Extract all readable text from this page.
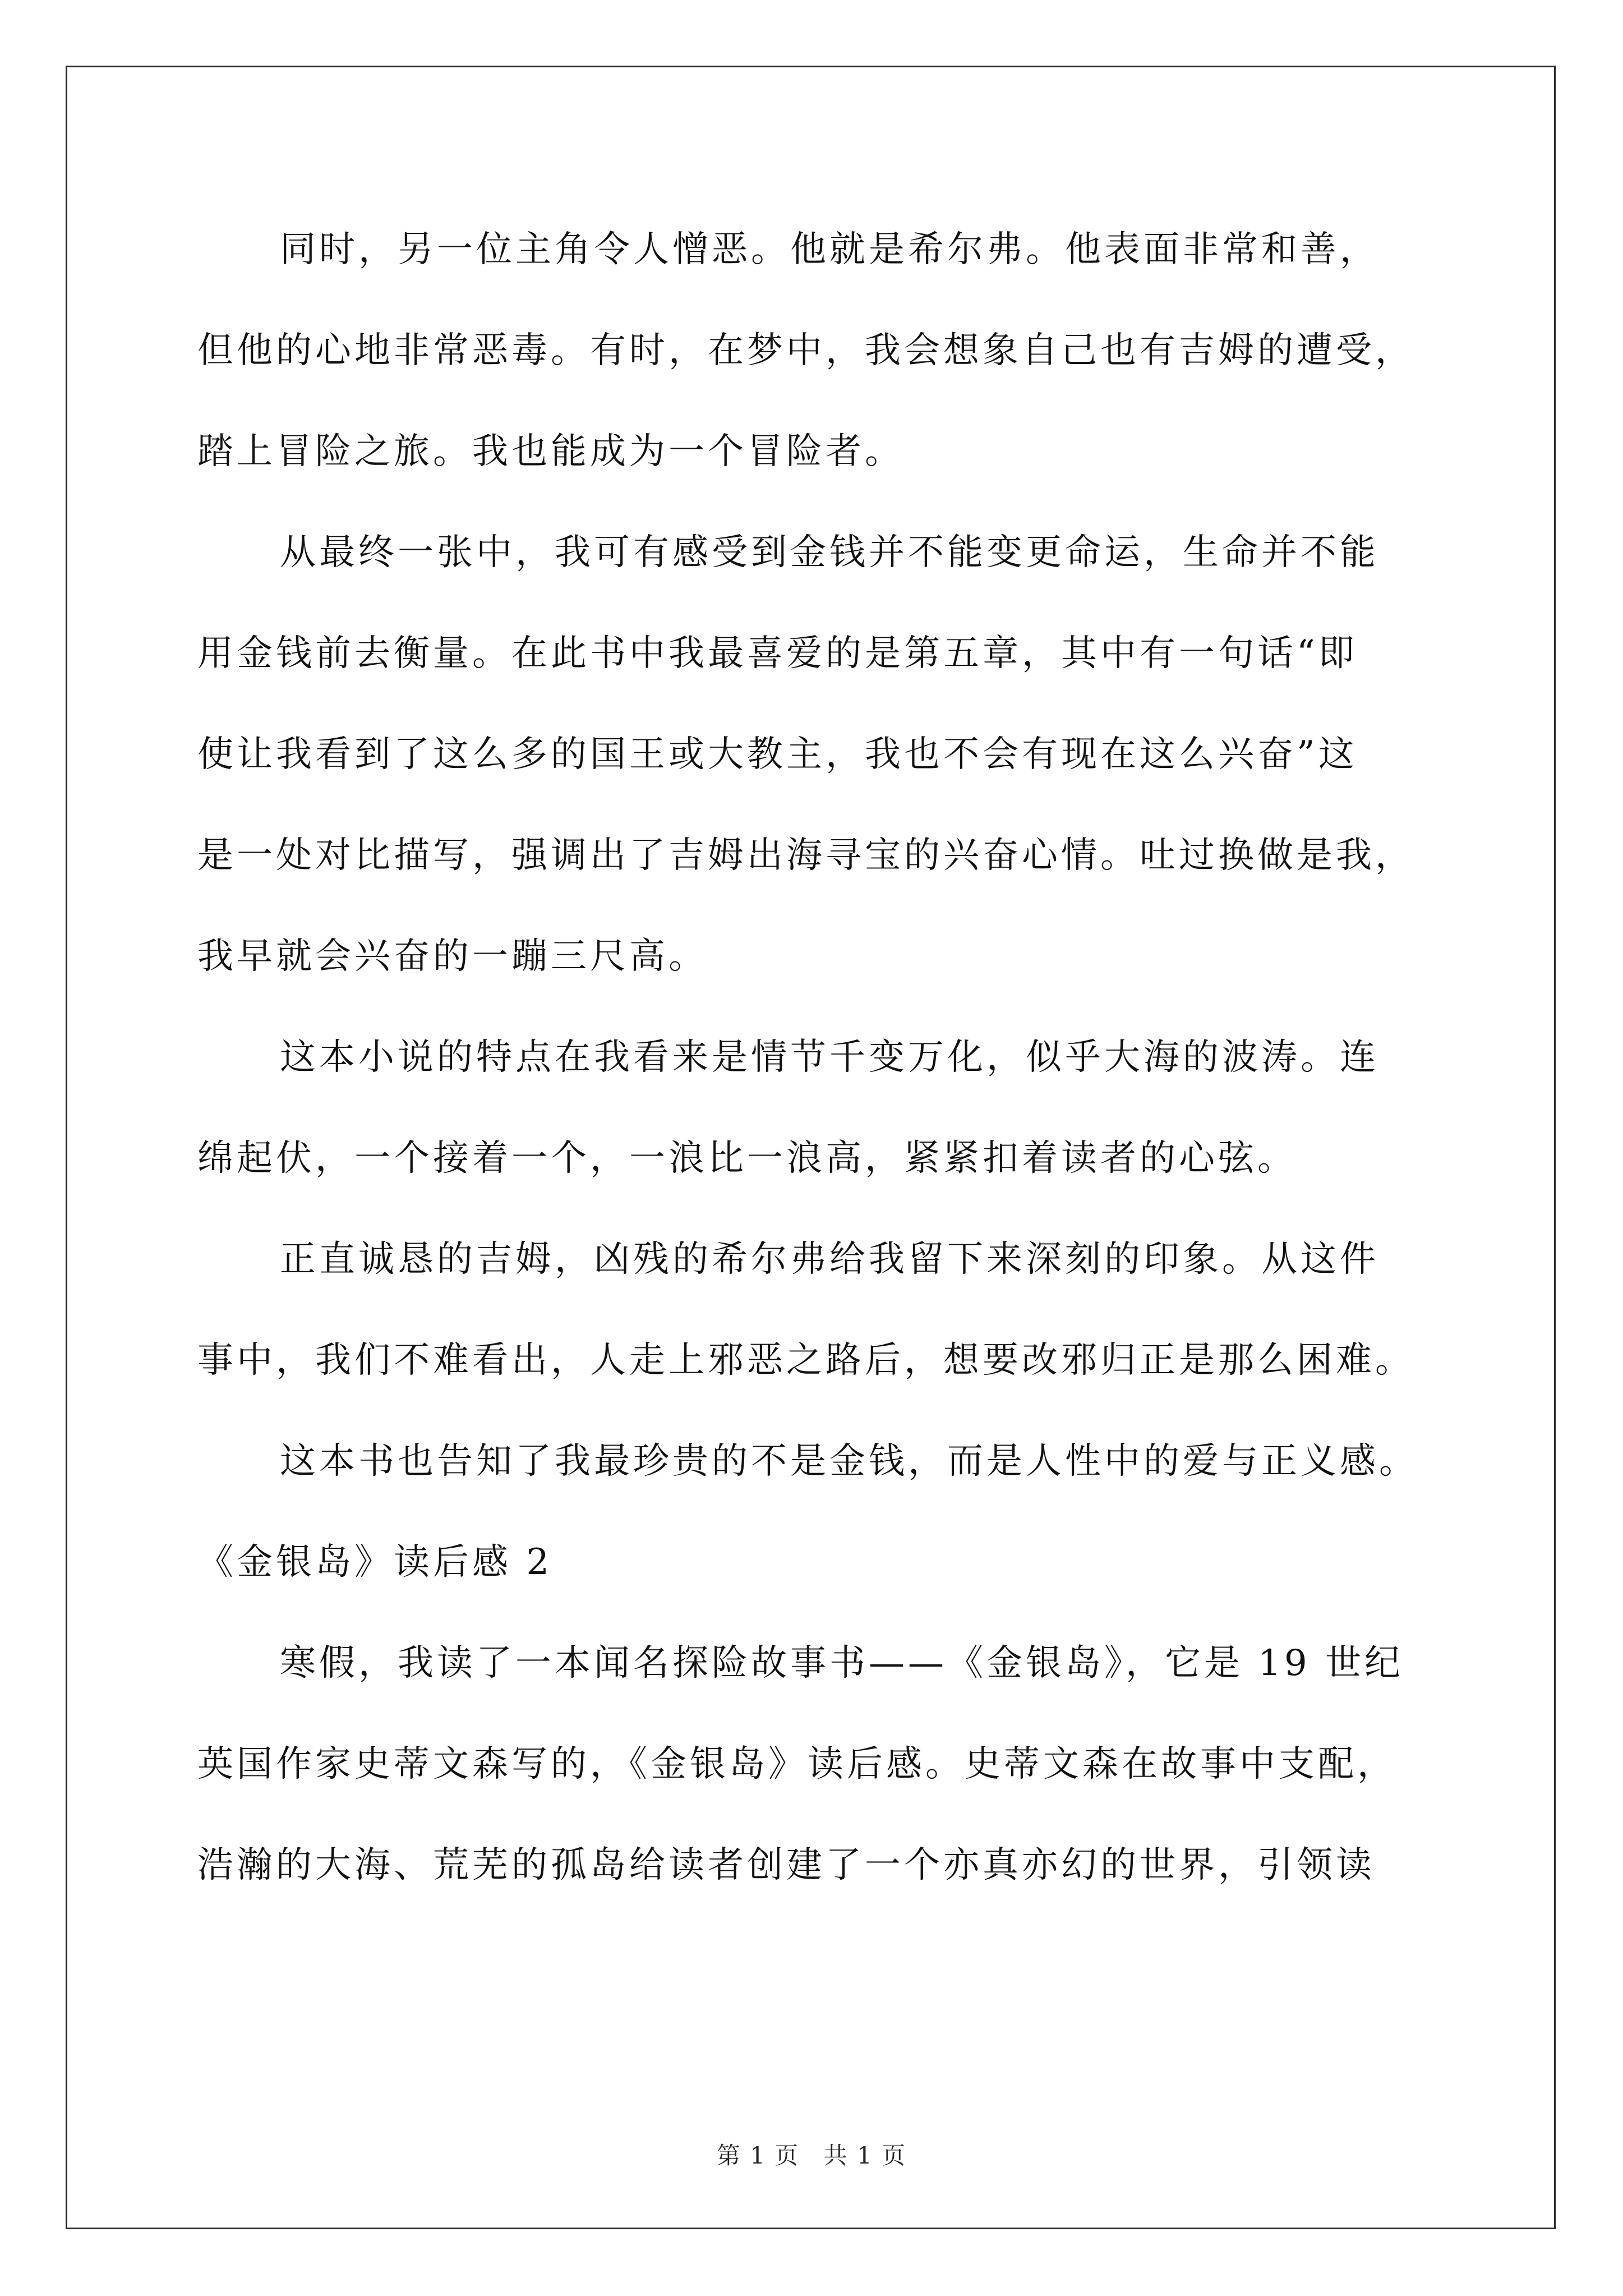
同时，另一位主角令人憎恶。他就是希尔弗。他表面非常和善，
但他的心地非常恶毒。有时，在梦中，我会想象自己也有吉姆的遭受，
踏上冒险之旅。我也能成为一个冒险者。
从最终一张中，我可有感受到金钱并不能变更命运，生命并不能
用金钱前去衡量。在此书中我最喜爱的是第五章，其中有一句话“即
使让我看到了这么多的国王或大教主，我也不会有现在这么兴奋”这
是一处对比描写，强调出了吉姆出海寻宝的兴奋心情。吐过换做是我，
我早就会兴奋的一蹦三尺高。
这本小说的特点在我看来是情节千变万化，似乎大海的波涛。连
绵起伏，一个接着一个，一浪比一浪高，紧紧扣着读者的心弦。
正直诚恳的吉姆，凶残的希尔弗给我留下来深刻的印象。从这件
事中，我们不难看出，人走上邪恶之路后，想要改邪归正是那么困难。
这本书也告知了我最珍贵的不是金钱，而是人性中的爱与正义感。
《金银岛》读后感 2
寒假，我读了一本闻名探险故事书——《金银岛》，它是 19 世纪
英国作家史蒂文森写的，《金银岛》读后感。史蒂文森在故事中支配，
浩瀚的大海、荒芜的孤岛给读者创建了一个亦真亦幻的世界，引领读
第 1 页 共 1 页
